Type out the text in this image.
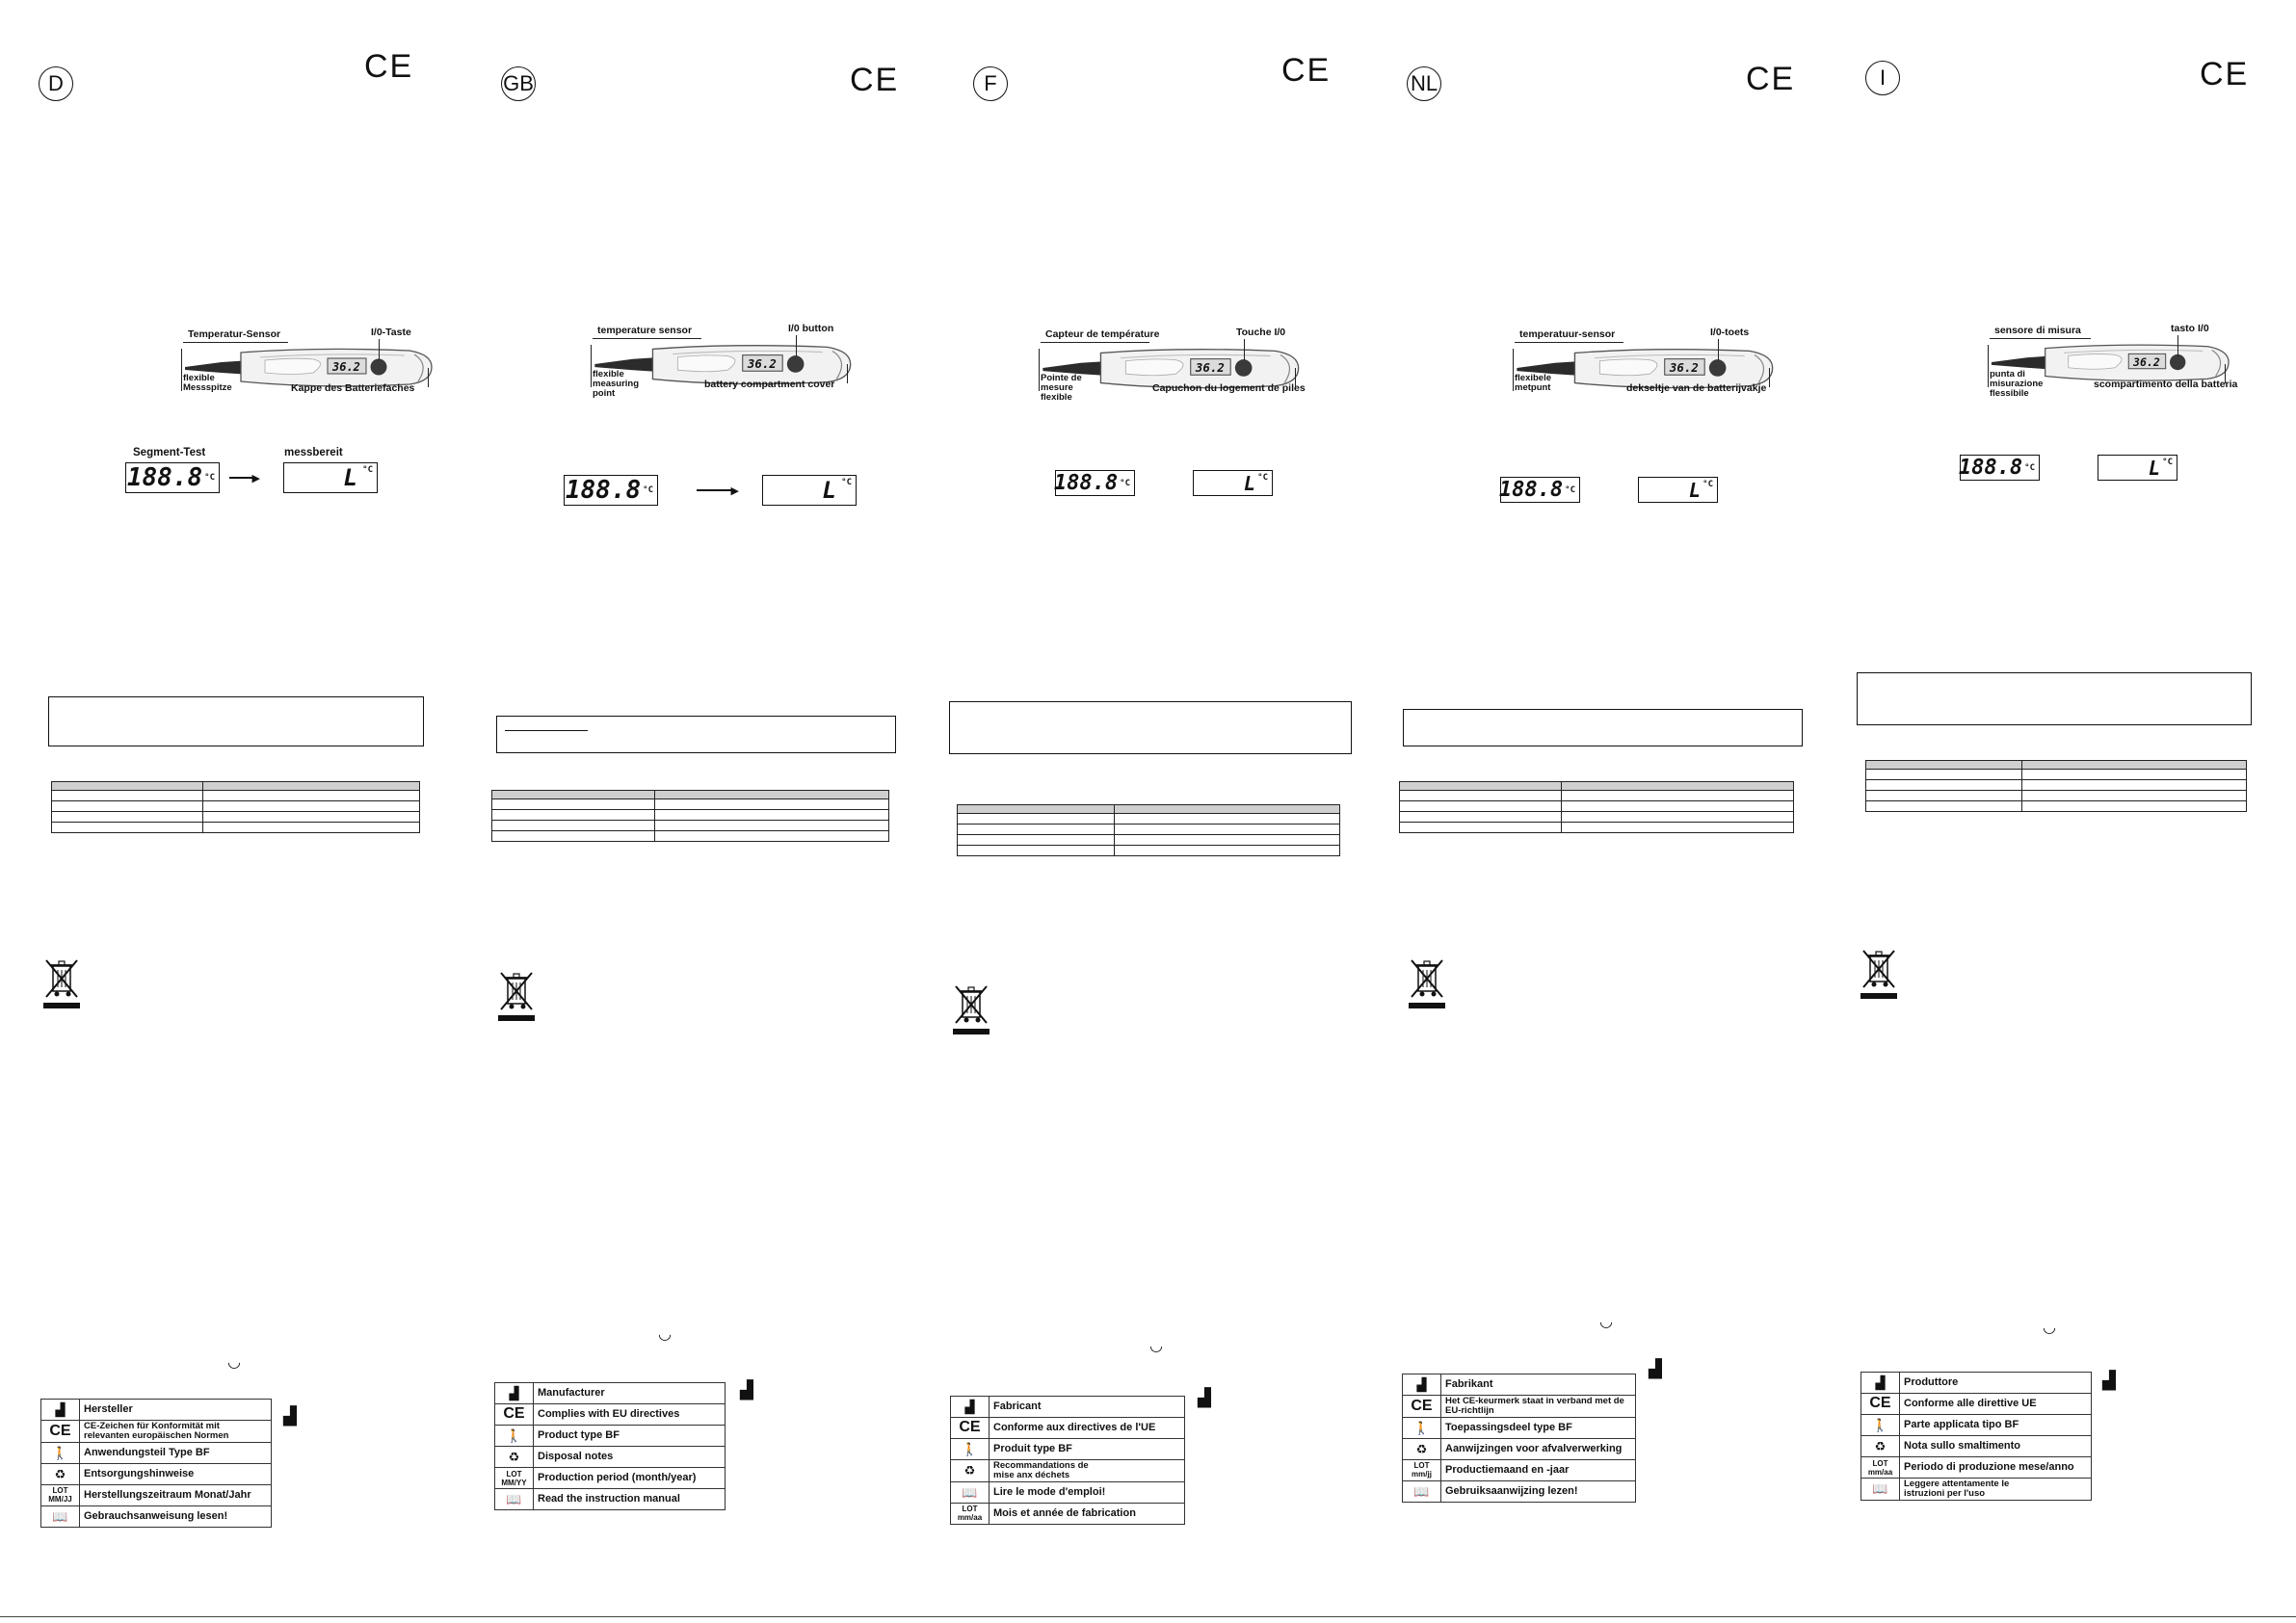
D	CE
36.2
Temperatur-Sensor	I/0-Taste
flexible
Messspitze	Kappe des Batteriefaches
Segment-Test	messbereit
188.8 °C	▶	L °C

◡
▟	Hersteller
CE	CE-Zeichen für Konformität mit relevanten europäischen Normen
🚶	Anwendungsteil Type BF
♻	Entsorgungshinweise
LOT
MM/JJ	Herstellungszeitraum Monat/Jahr
📖	Gebrauchsanweisung lesen!
▟
GB	CE
36.2
temperature sensor	I/0 button
flexible
measuring
point
battery compartment cover
188.8 °C	▶	L °C

◡
▟	Manufacturer
CE	Complies with EU directives
🚶	Product type BF
♻	Disposal notes
LOT
MM/YY	Production period (month/year)
📖	Read the instruction manual
▟
F	CE
36.2
Capteur de température	Touche I/0
Pointe de
mesure
flexible
Capuchon du logement de piles
188.8 °C	L °C

◡
▟	Fabricant
CE	Conforme aux directives de l'UE
🚶	Produit type BF
♻	Recommandations de
mise anx déchets
📖	Lire le mode d'emploi!
LOT
mm/aa	Mois et année de fabrication
▟
NL	CE
36.2
temperatuur-sensor	I/0-toets
flexibele
metpunt	dekseltje van de batterijvakje
188.8 °C	L °C

◡
▟	Fabrikant
CE	Het CE-keurmerk staat in verband met de EU-richtlijn
🚶	Toepassingsdeel type BF
♻	Aanwijzingen voor afvalverwerking
LOT
mm/jj	Productiemaand en -jaar
📖	Gebruiksaanwijzing lezen!
▟
I	CE
36.2
sensore di misura	tasto I/0
punta di
misurazione
flessibile
scompartimento della batteria
188.8 °C	L °C

◡
▟	Produttore
CE	Conforme alle direttive UE
🚶	Parte applicata tipo BF
♻	Nota sullo smaltimento
LOT
mm/aa	Periodo di produzione mese/anno
📖	Leggere attentamente le
istruzioni per l'uso
▟
